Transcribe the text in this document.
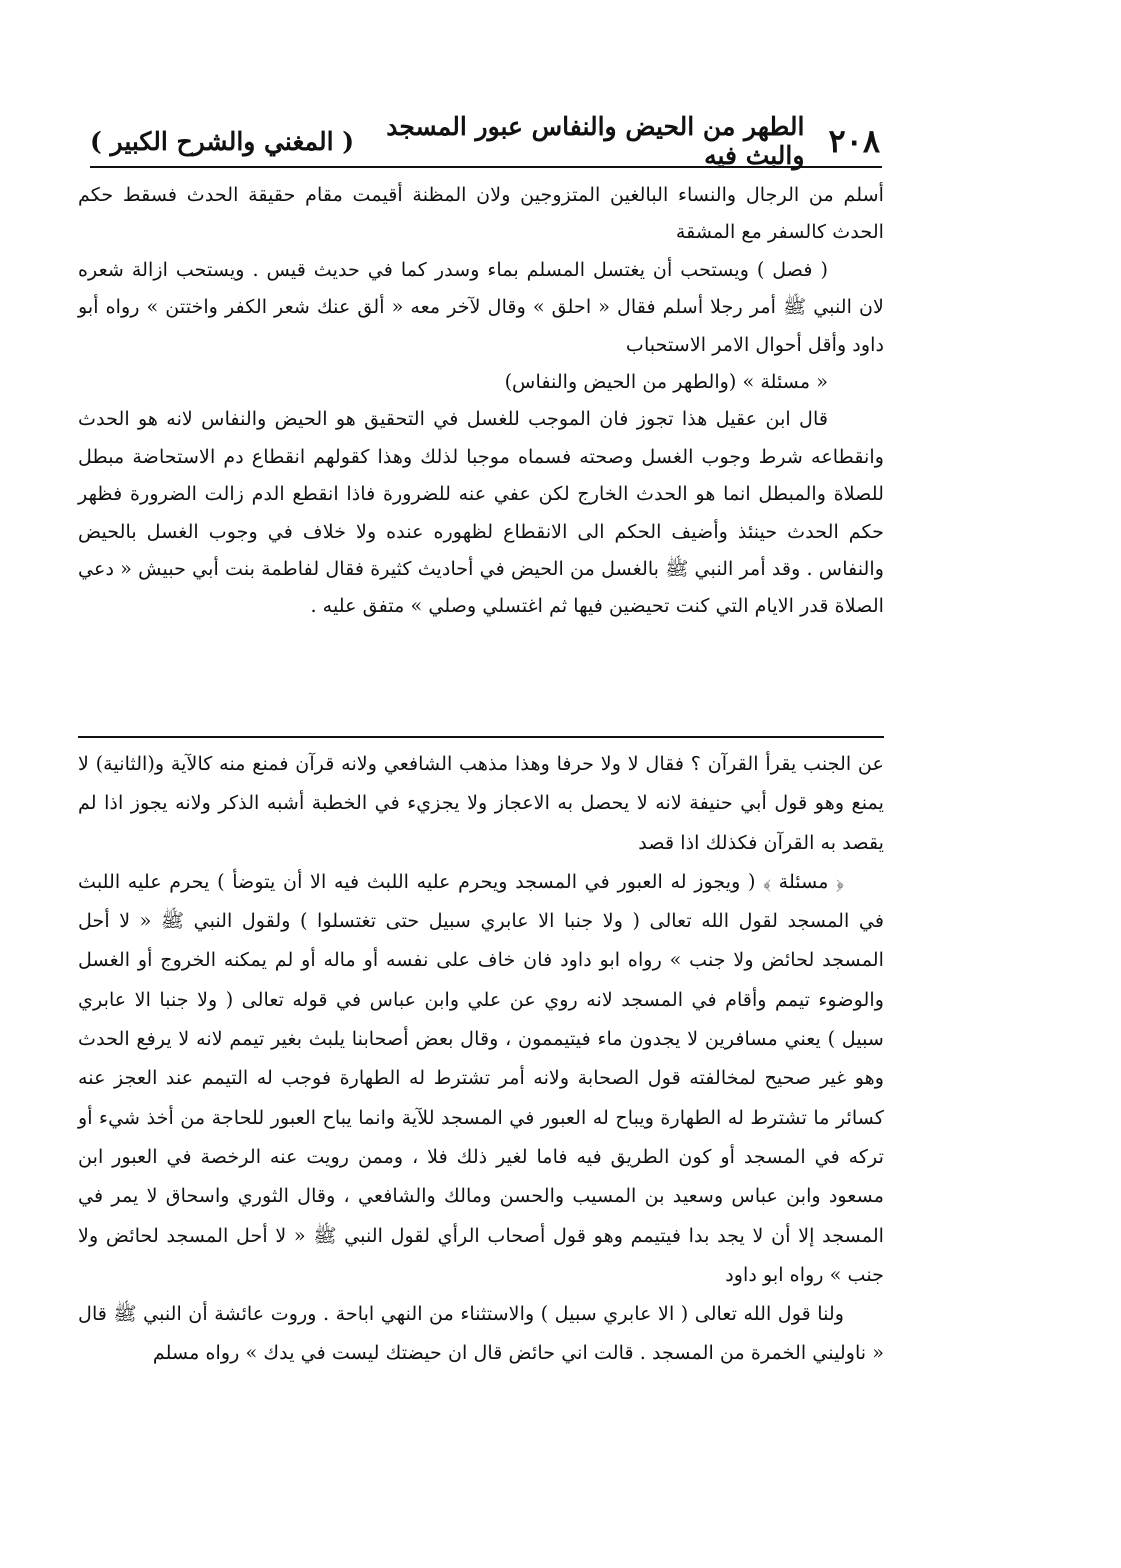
٢٠٨
الطهر من الحيض والنفاس عبور المسجد والبث فيه
( المغني والشرح الكبير )

أسلم من الرجال والنساء البالغين المتزوجين ولان المظنة أقيمت مقام حقيقة الحدث فسقط حكم الحدث كالسفر مع المشقة

( فصل ) ويستحب أن يغتسل المسلم بماء وسدر كما في حديث قيس . ويستحب ازالة شعره لان النبي ﷺ أمر رجلا أسلم فقال « احلق » وقال لآخر معه « ألق عنك شعر الكفر واختتن » رواه أبو داود وأقل أحوال الامر الاستحباب

« مسئلة » (والطهر من الحيض والنفاس)

قال ابن عقيل هذا تجوز فان الموجب للغسل في التحقيق هو الحيض والنفاس لانه هو الحدث وانقطاعه شرط وجوب الغسل وصحته فسماه موجبا لذلك وهذا كقولهم انقطاع دم الاستحاضة مبطل للصلاة والمبطل انما هو الحدث الخارج لكن عفي عنه للضرورة فاذا انقطع الدم زالت الضرورة فظهر حكم الحدث حينئذ وأضيف الحكم الى الانقطاع لظهوره عنده ولا خلاف في وجوب الغسل بالحيض والنفاس . وقد أمر النبي ﷺ بالغسل من الحيض في أحاديث كثيرة فقال لفاطمة بنت أبي حبيش « دعي الصلاة قدر الايام التي كنت تحيضين فيها ثم اغتسلي وصلي » متفق عليه .

عن الجنب يقرأ القرآن ؟ فقال لا ولا حرفا وهذا مذهب الشافعي ولانه قرآن فمنع منه كالآية و(الثانية) لا يمنع وهو قول أبي حنيفة لانه لا يحصل به الاعجاز ولا يجزيء في الخطبة أشبه الذكر ولانه يجوز اذا لم يقصد به القرآن فكذلك اذا قصد

﴿ مسئلة ﴾ ( ويجوز له العبور في المسجد ويحرم عليه اللبث فيه الا أن يتوضأ ) يحرم عليه اللبث في المسجد لقول الله تعالى ( ولا جنبا الا عابري سبيل حتى تغتسلوا ) ولقول النبي ﷺ « لا أحل المسجد لحائض ولا جنب » رواه ابو داود فان خاف على نفسه أو ماله أو لم يمكنه الخروج أو الغسل والوضوء تيمم وأقام في المسجد لانه روي عن علي وابن عباس في قوله تعالى ( ولا جنبا الا عابري سبيل ) يعني مسافرين لا يجدون ماء فيتيممون ، وقال بعض أصحابنا يلبث بغير تيمم لانه لا يرفع الحدث وهو غير صحيح لمخالفته قول الصحابة ولانه أمر تشترط له الطهارة فوجب له التيمم عند العجز عنه كسائر ما تشترط له الطهارة ويباح له العبور في المسجد للآية وانما يباح العبور للحاجة من أخذ شيء أو تركه في المسجد أو كون الطريق فيه فاما لغير ذلك فلا ، وممن رويت عنه الرخصة في العبور ابن مسعود وابن عباس وسعيد بن المسيب والحسن ومالك والشافعي ، وقال الثوري واسحاق لا يمر في المسجد إلا أن لا يجد بدا فيتيمم وهو قول أصحاب الرأي لقول النبي ﷺ « لا أحل المسجد لحائض ولا جنب » رواه ابو داود

ولنا قول الله تعالى ( الا عابري سبيل ) والاستثناء من النهي اباحة . وروت عائشة أن النبي ﷺ قال « ناوليني الخمرة من المسجد . قالت اني حائض قال ان حيضتك ليست في يدك » رواه مسلم
